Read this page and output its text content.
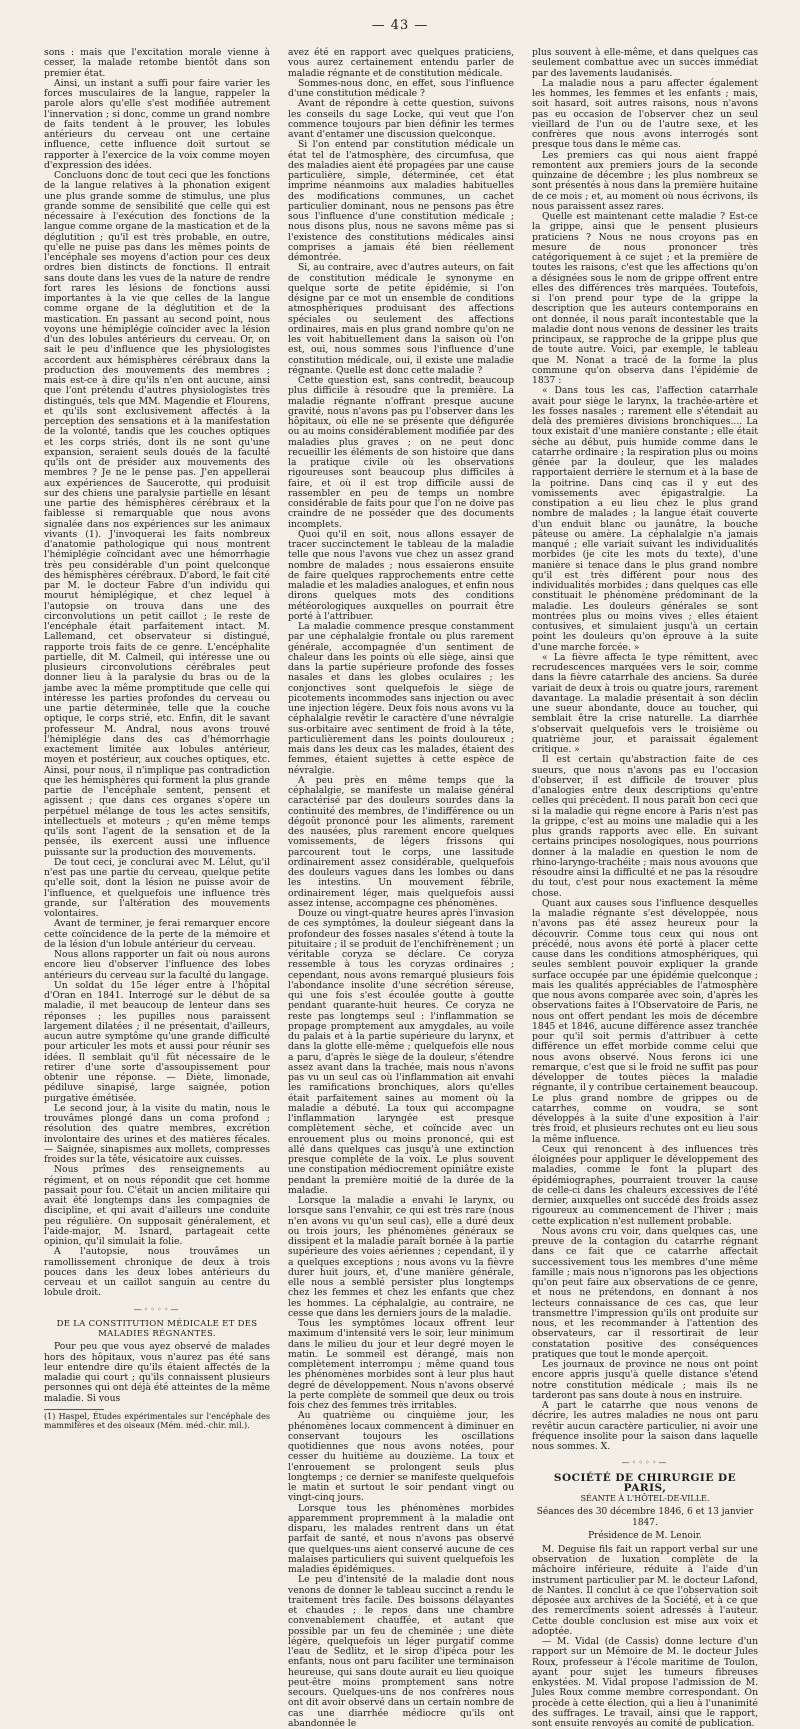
— 43 —

sons : mais que l'excitation morale vienne à cesser, la malade retombe bientôt dans son premier état.

Ainsi, un instant a suffi pour faire varier les forces musculaires de la langue, rappeler la parole alors qu'elle s'est modifiée autrement l'innervation ; si donc, comme un grand nombre de faits tendent à le prouver, les lobules antérieurs du cerveau ont une certaine influence, cette influence doit surtout se rapporter à l'exercice de la voix comme moyen d'expression des idées.

Concluons donc de tout ceci que les fonctions de la langue relatives à la phonation exigent une plus grande somme de stimulus, une plus grande somme de sensibilité que celle qui est nécessaire à l'exécution des fonctions de la langue comme organe de la mastication et de la déglutition ; qu'il est très probable, en outre, qu'elle ne puise pas dans les mêmes points de l'encéphale ses moyens d'action pour ces deux ordres bien distincts de fonctions. Il entrait sans doute dans les vues de la nature de rendre fort rares les lésions de fonctions aussi importantes à la vie que celles de la langue comme organe de la déglutition et de la mastication. En passant au second point, nous voyons une hémiplégie coïncider avec la lésion d'un des lobules antérieurs du cerveau. Or, on sait le peu d'influence que les physiologistes accordent aux hémisphères cérébraux dans la production des mouvements des membres ; mais est-ce à dire qu'ils n'en ont aucune, ainsi que l'ont prétendu d'autres physiologistes très distingués, tels que MM. Magendie et Flourens, et qu'ils sont exclusivement affectés à la perception des sensations et à la manifestation de la volonté, tandis que les couches optiques et les corps striés, dont ils ne sont qu'une expansion, seraient seuls doués de la faculté qu'ils ont de présider aux mouvements des membres ? Je ne le pense pas. J'en appellerai aux expériences de Saucerotte, qui produisit sur des chiens une paralysie partielle en lésant une partie des hémisphères cérébraux et la faiblesse si remarquable que nous avons signalée dans nos expériences sur les animaux vivants (1). J'invoquerai les faits nombreux d'anatomie pathologique qui nous montrent l'hémiplégie coïncidant avec une hémorrhagie très peu considérable d'un point quelconque des hémisphères cérébraux. D'abord, le fait cité par M. le docteur Fabre d'un individu qui mourut hémiplégique, et chez lequel à l'autopsie on trouva dans une des circonvolutions un petit caillot ; le reste de l'encéphale était parfaitement intact. M. Lallemand, cet observateur si distingué, rapporte trois faits de ce genre. L'encéphalite partielle, dit M. Calmeil, qui intéresse une ou plusieurs circonvolutions cérébrales peut donner lieu à la paralysie du bras ou de la jambe avec la même promptitude que celle qui intéresse les parties profondes du cerveau ou une partie déterminée, telle que la couche optique, le corps strié, etc. Enfin, dit le savant professeur M. Andral, nous avons trouvé l'hémiplégie dans des cas d'hémorrhagie exactement limitée aux lobules antérieur, moyen et postérieur, aux couches optiques, etc. Ainsi, pour nous, il n'implique pas contradiction que les hémisphères qui forment la plus grande partie de l'encéphale sentent, pensent et agissent ; que dans ces organes s'opère un perpétuel mélange de tous les actes sensitifs, intellectuels et moteurs ; qu'en même temps qu'ils sont l'agent de la sensation et de la pensée, ils exercent aussi une influence puissante sur la production des mouvements.

De tout ceci, je conclurai avec M. Lélut, qu'il n'est pas une partie du cerveau, quelque petite qu'elle soit, dont la lésion ne puisse avoir de l'influence, et quelquefois une influence très grande, sur l'altération des mouvements volontaires.

Avant de terminer, je ferai remarquer encore cette coïncidence de la perte de la mémoire et de la lésion d'un lobule antérieur du cerveau.

Nous allons rapporter un fait où nous aurons encore lieu d'observer l'influence des lobes antérieurs du cerveau sur la faculté du langage.

Un soldat du 15e léger entre à l'hôpital d'Oran en 1841. Interrogé sur le début de sa maladie, il met beaucoup de lenteur dans ses réponses ; les pupilles nous paraissent largement dilatées ; il ne présentait, d'ailleurs, aucun autre symptôme qu'une grande difficulté pour articuler les mots et aussi pour réunir ses idées. Il semblait qu'il fût nécessaire de le retirer d'une sorte d'assoupissement pour obtenir une réponse. — Diète, limonade, pédiluve sinapisé, large saignée, potion purgative émétisée.

Le second jour, à la visite du matin, nous le trouvâmes plongé dans un coma profond ; résolution des quatre membres, excrétion involontaire des urines et des matières fécales. — Saignée, sinapismes aux mollets, compresses froides sur la tête, vésicatoire aux cuisses.

Nous prîmes des renseignements au régiment, et on nous répondit que cet homme passait pour fou. C'était un ancien militaire qui avait été longtemps dans les compagnies de discipline, et qui avait d'ailleurs une conduite peu régulière. On supposait généralement, et l'aide-major, M. Isnard, partageait cette opinion, qu'il simulait la folie.

A l'autopsie, nous trouvâmes un ramollissement chronique de deux à trois pouces dans les deux lobes antérieurs du cerveau et un caillot sanguin au centre du lobule droit.

—◦◦◦◦—
DE LA CONSTITUTION MÉDICALE ET DES MALADIES RÉGNANTES.

Pour peu que vous ayez observé de malades hors des hôpitaux, vous n'aurez pas été sans leur entendre dire qu'ils étaient affectés de la maladie qui court ; qu'ils connaissent plusieurs personnes qui ont déjà été atteintes de la même maladie. Si vous

(1) Haspel, Études expérimentales sur l'encéphale des mammifères et des oiseaux (Mém. méd.-chir. mil.).

avez été en rapport avec quelques praticiens, vous aurez certainement entendu parler de maladie régnante et de constitution médicale.

Sommes-nous donc, en effet, sous l'influence d'une constitution médicale ?

Avant de répondre à cette question, suivons les conseils du sage Locke, qui veut que l'on commence toujours par bien définir les termes avant d'entamer une discussion quelconque.

Si l'on entend par constitution médicale un état tel de l'atmosphère, des circumfusa, que des maladies aient été propagées par une cause particulière, simple, déterminée, cet état imprime néanmoins aux maladies habituelles des modifications communes, un cachet particulier dominant, nous ne pensons pas être sous l'influence d'une constitution médicale ; nous disons plus, nous ne savons même pas si l'existence des constitutions médicales ainsi comprises a jamais été bien réellement démontrée.

Si, au contraire, avec d'autres auteurs, on fait de constitution médicale le synonyme en quelque sorte de petite épidémie, si l'on désigne par ce mot un ensemble de conditions atmosphériques produisant des affections spéciales ou seulement des affections ordinaires, mais en plus grand nombre qu'on ne les voit habituellement dans la saison où l'on est, oui, nous sommes sous l'influence d'une constitution médicale, oui, il existe une maladie régnante. Quelle est donc cette maladie ?

Cette question est, sans contredit, beaucoup plus difficile à résoudre que la première. La maladie régnante n'offrant presque aucune gravité, nous n'avons pas pu l'observer dans les hôpitaux, où elle ne se présente que défigurée ou au moins considérablement modifiée par des maladies plus graves ; on ne peut donc recueillir les éléments de son histoire que dans la pratique civile où les observations rigoureuses sont beaucoup plus difficiles à faire, et où il est trop difficile aussi de rassembler en peu de temps un nombre considérable de faits pour que l'on ne doive pas craindre de ne posséder que des documents incomplets.

Quoi qu'il en soit, nous allons essayer de tracer succinctement le tableau de la maladie telle que nous l'avons vue chez un assez grand nombre de malades ; nous essaierons ensuite de faire quelques rapprochements entre cette maladie et les maladies analogues, et enfin nous dirons quelques mots des conditions météorologiques auxquelles on pourrait être porté à l'attribuer.

La maladie commence presque constamment par une céphalalgie frontale ou plus rarement générale, accompagnée d'un sentiment de chaleur dans les points où elle siège, ainsi que dans la partie supérieure profonde des fosses nasales et dans les globes oculaires ; les conjonctives sont quelquefois le siège de picotements incommodes sans injection ou avec une injection légère. Deux fois nous avons vu la céphalalgie revêtir le caractère d'une névralgie sus-orbitaire avec sentiment de froid à la tête, particulièrement dans les points douloureux ; mais dans les deux cas les malades, étaient des femmes, étaient sujettes à cette espèce de névralgie.

A peu près en même temps que la céphalalgie, se manifeste un malaise général caractérisé par des douleurs sourdes dans la continuité des membres, de l'indifférence ou un dégoût prononcé pour les aliments, rarement des nausées, plus rarement encore quelques vomissements, de légers frissons qui parcourent tout le corps, une lassitude ordinairement assez considérable, quelquefois des douleurs vagues dans les lombes ou dans les intestins. Un mouvement fébrile, ordinairement léger, mais quelquefois aussi assez intense, accompagne ces phénomènes.

Douze ou vingt-quatre heures après l'invasion de ces symptômes, la douleur siégeant dans la profondeur des fosses nasales s'étend à toute la pituitaire ; il se produit de l'enchifrènement ; un véritable coryza se déclare. Ce coryza ressemble à tous les coryzas ordinaires ; cependant, nous avons remarqué plusieurs fois l'abondance insolite d'une sécrétion séreuse, qui une fois s'est écoulée goutte à goutte pendant quarante-huit heures. Ce coryza ne reste pas longtemps seul : l'inflammation se propage promptement aux amygdales, au voile du palais et à la partie supérieure du larynx, et dans la glotte elle-même ; quelquefois elle nous a paru, d'après le siège de la douleur, s'étendre assez avant dans la trachée, mais nous n'avons pas vu un seul cas où l'inflammation ait envahi les ramifications bronchiques, alors qu'elles était parfaitement saines au moment où la maladie a débuté. La toux qui accompagne l'inflammation laryngée est presque complètement sèche, et coïncide avec un enrouement plus ou moins prononcé, qui est allé dans quelques cas jusqu'à une extinction presque complète de la voix. Le plus souvent une constipation médiocrement opiniâtre existe pendant la première moitié de la durée de la maladie.

Lorsque la maladie a envahi le larynx, ou lorsque sans l'envahir, ce qui est très rare (nous n'en avons vu qu'un seul cas), elle a duré deux ou trois jours, les phénomènes généraux se dissipent et la maladie paraît bornée à la partie supérieure des voies aériennes ; cependant, il y a quelques exceptions ; nous avons vu la fièvre durer huit jours, et, d'une manière générale, elle nous a semblé persister plus longtemps chez les femmes et chez les enfants que chez les hommes. La céphalalgie, au contraire, ne cesse que dans les derniers jours de la maladie.

Tous les symptômes locaux offrent leur maximum d'intensité vers le soir, leur minimum dans le milieu du jour et leur degré moyen le matin. Le sommeil est dérangé, mais non complètement interrompu ; même quand tous les phénomènes morbides sont à leur plus haut degré de développement. Nous n'avons observé la perte complète de sommeil que deux ou trois fois chez des femmes très irritables.

Au quatrième ou cinquième jour, les phénomènes locaux commencent à diminuer en conservant toujours les oscillations quotidiennes que nous avons notées, pour cesser du huitième au douzième. La toux et l'enrouement se prolongent seuls plus longtemps ; ce dernier se manifeste quelquefois le matin et surtout le soir pendant vingt ou vingt-cinq jours.

Lorsque tous les phénomènes morbides apparemment propremment à la maladie ont disparu, les malades rentrent dans un état parfait de santé, et nous n'avons pas observé que quelques-uns aient conservé aucune de ces malaises particuliers qui suivent quelquefois les maladies épidémiques.

Le peu d'intensité de la maladie dont nous venons de donner le tableau succinct a rendu le traitement très facile. Des boissons délayantes et chaudes ; le repos dans une chambre convenablement chauffée, et autant que possible par un feu de cheminée ; une diète légère, quelquefois un léger purgatif comme l'eau de Sedlitz, et le sirop d'ipéca pour les enfants, nous ont paru faciliter une terminaison heureuse, qui sans doute aurait eu lieu quoique peut-être moins promptement sans notre secours. Quelques-uns de nos confrères nous ont dit avoir observé dans un certain nombre de cas une diarrhée médiocre qu'ils ont abandonnée le

plus souvent à elle-même, et dans quelques cas seulement combattue avec un succès immédiat par des lavements laudanisés.

La maladie nous a paru affecter également les hommes, les femmes et les enfants ; mais, soit hasard, soit autres raisons, nous n'avons pas eu occasion de l'observer chez un seul vieillard de l'un ou de l'autre sexe, et les confrères que nous avons interrogés sont presque tous dans le même cas.

Les premiers cas qui nous aient frappé remontent aux premiers jours de la seconde quinzaine de décembre ; les plus nombreux se sont présentés à nous dans la première huitaine de ce mois ; et, au moment où nous écrivons, ils nous paraissent assez rares.

Quelle est maintenant cette maladie ? Est-ce la grippe, ainsi que le pensent plusieurs praticiens ? Nous ne nous croyons pas en mesure de nous prononcer très catégoriquement à ce sujet ; et la première de toutes les raisons, c'est que les affections qu'on a désignées sous le nom de grippe offrent entre elles des différences très marquées. Toutefois, si l'on prend pour type de la grippe la description que les auteurs contemporains en ont donnée, il nous paraît incontestable que la maladie dont nous venons de dessiner les traits principaux, se rapproche de la grippe plus que de toute autre. Voici, par exemple, le tableau que M. Nonat a tracé de la forme la plus commune qu'on observa dans l'épidémie de 1837 :

« Dans tous les cas, l'affection catarrhale avait pour siège le larynx, la trachée-artère et les fosses nasales ; rarement elle s'étendait au delà des premières divisions bronchiques.... La toux existait d'une manière constante ; elle était sèche au début, puis humide comme dans le catarrhe ordinaire ; la respiration plus ou moins gênée par la douleur, que les malades rapportaient derrière le sternum et à la base de la poitrine. Dans cinq cas il y eut des vomissements avec épigastralgie. La constipation a eu lieu chez le plus grand nombre de malades ; la langue était couverte d'un enduit blanc ou jaunâtre, la bouche pâteuse ou amère. La céphalalgie n'a jamais manqué ; elle variait suivant les individualités morbides (je cite les mots du texte), d'une manière si tenace dans le plus grand nombre qu'il est très différent pour nous des individualités morbides ; dans quelques cas elle constituait le phénomène prédominant de la maladie. Les douleurs générales se sont montrées plus ou moins vives ; elles étaient contusives, et simulaient jusqu'à un certain point les douleurs qu'on éprouve à la suite d'une marche forcée. »

« La fièvre affecta le type rémittent, avec recrudescences marquées vers le soir, comme dans la fièvre catarrhale des anciens. Sa durée variait de deux à trois ou quatre jours, rarement davantage. La maladie présentait à son déclin une sueur abondante, douce au toucher, qui semblait être la crise naturelle. La diarrhée s'observait quelquefois vers le troisième ou quatrième jour, et paraissait également critique. »

Il est certain qu'abstraction faite de ces sueurs, que nous n'avons pas eu l'occasion d'observer, il est difficile de trouver plus d'analogies entre deux descriptions qu'entre celles qui précèdent. Il nous paraît bon ceci que si la maladie qui règne encore à Paris n'est pas la grippe, c'est au moins une maladie qui a les plus grands rapports avec elle. En suivant certains principes nosologiques, nous pourrions donner à la maladie en question le nom de rhino-laryngo-trachéite ; mais nous avouons que résoudre ainsi la difficulté et ne pas la résoudre du tout, c'est pour nous exactement la même chose.

Quant aux causes sous l'influence desquelles la maladie régnante s'est développée, nous n'avons pas été assez heureux pour la découvrir. Comme tous ceux qui nous ont précédé, nous avons été porté à placer cette cause dans les conditions atmosphériques, qui seules semblent pouvoir expliquer la grande surface occupée par une épidémie quelconque ; mais les qualités appréciables de l'atmosphère que nous avons comparée avec soin, d'après les observations faites à l'Observatoire de Paris, ne nous ont offert pendant les mois de décembre 1845 et 1846, aucune différence assez tranchée pour qu'il soit permis d'attribuer à cette différence un effet morbide comme celui que nous avons observé. Nous ferons ici une remarque, c'est que si le froid ne suffit pas pour développer de toutes pièces la maladie régnante, il y contribue certainement beaucoup. Le plus grand nombre de grippes ou de catarrhes, comme on voudra, se sont développés à la suite d'une exposition à l'air très froid, et plusieurs rechutes ont eu lieu sous la même influence.

Ceux qui renoncent à des influences très éloignées pour appliquer le développement des maladies, comme le font la plupart des épidémiographes, pourraient trouver la cause de celle-ci dans les chaleurs excessives de l'été dernier, auxquelles ont succédé des froids assez rigoureux au commencement de l'hiver ; mais cette explication n'est nullement probable.

Nous avons cru voir, dans quelques cas, une preuve de la contagion du catarrhe régnant dans ce fait que ce catarrhe affectait successivement tous les membres d'une même famille ; mais nous n'ignorons pas les objections qu'on peut faire aux observations de ce genre, et nous ne prétendons, en donnant à nos lecteurs connaissance de ces cas, que leur transmettre l'impression qu'ils ont produite sur nous, et les recommander à l'attention des observateurs, car il ressortirait de leur constatation positive des conséquences pratiques que tout le monde aperçoit.

Les journaux de province ne nous ont point encore appris jusqu'à quelle distance s'étend notre constitution médicale ; mais ils ne tarderont pas sans doute à nous en instruire.

A part le catarrhe que nous venons de décrire, les autres maladies ne nous ont paru revêtir aucun caractère particulier, ni avoir une fréquence insolite pour la saison dans laquelle nous sommes. X.

—◦◦◦◦—
SOCIÉTÉ DE CHIRURGIE DE PARIS,
SÉANTE À L'HÔTEL-DE-VILLE.
Séances des 30 décembre 1846, 6 et 13 janvier 1847.
Présidence de M. Lenoir.

M. Deguise fils fait un rapport verbal sur une observation de luxation complète de la mâchoire inférieure, réduite à l'aide d'un instrument particulier par M. le docteur Lafond, de Nantes. Il conclut à ce que l'observation soit déposée aux archives de la Société, et à ce que des remercîments soient adressés à l'auteur. Cette double conclusion est mise aux voix et adoptée.

— M. Vidal (de Cassis) donne lecture d'un rapport sur un Mémoire de M. le docteur Jules Roux, professeur à l'école maritime de Toulon, ayant pour sujet les tumeurs fibreuses enkystées. M. Vidal propose l'admission de M. Jules Roux comme membre correspondant. On procède à cette élection, qui a lieu à l'unanimité des suffrages. Le travail, ainsi que le rapport, sont ensuite renvoyés au comité de publication.
